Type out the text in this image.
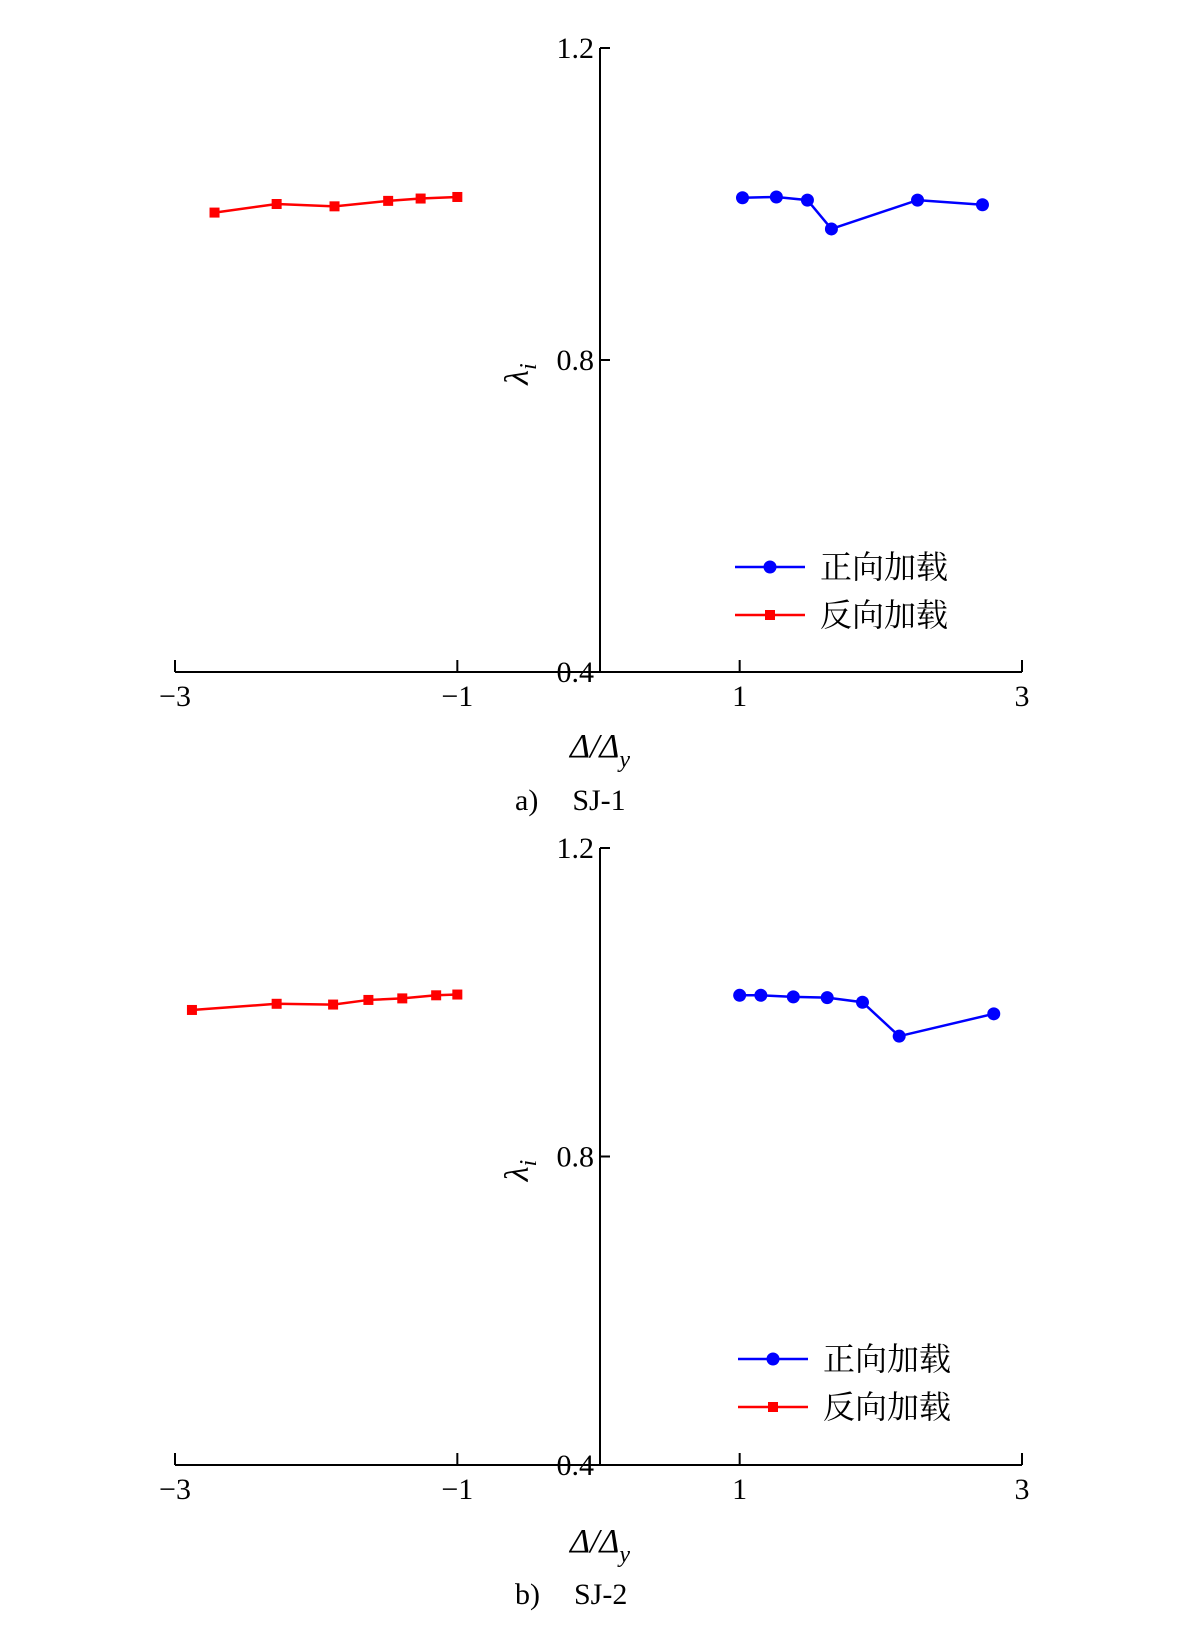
−3	−1	1	3
0.4
0.8
1.2
$\lambda_i$
$\Delta/\Delta_y$
a) SJ-1
正向加载
反向加载
−3	−1	1	3
0.4
0.8
1.2
$\lambda_i$
$\Delta/\Delta_y$
b) SJ-2
正向加载
反向加载
